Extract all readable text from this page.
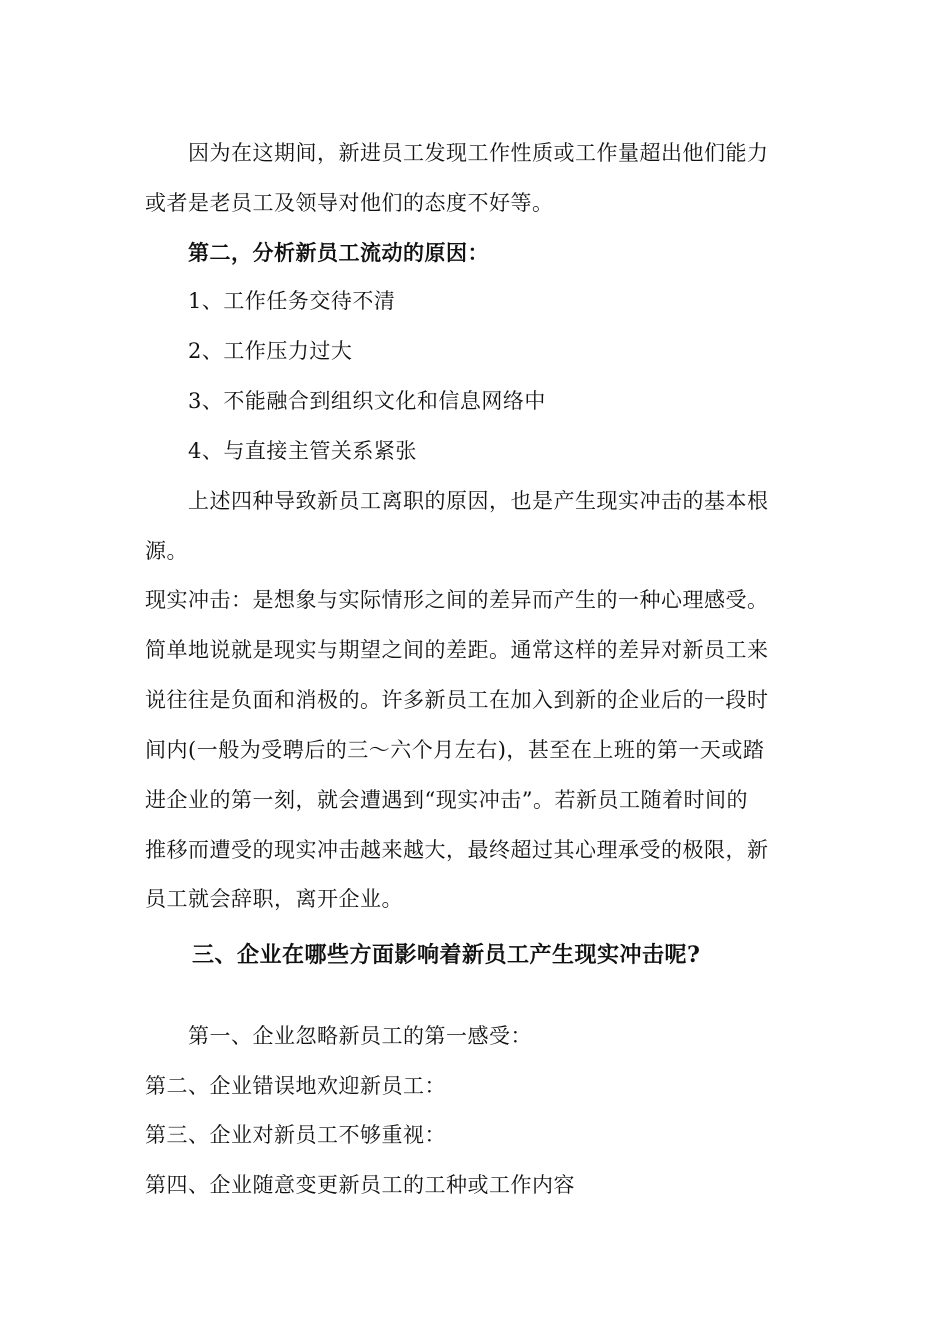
因为在这期间，新进员工发现工作性质或工作量超出他们能力
或者是老员工及领导对他们的态度不好等。
第二，分析新员工流动的原因：
1、工作任务交待不清
2、工作压力过大
3、不能融合到组织文化和信息网络中
4、与直接主管关系紧张
上述四种导致新员工离职的原因，也是产生现实冲击的基本根
源。
现实冲击：是想象与实际情形之间的差异而产生的一种心理感受。
简单地说就是现实与期望之间的差距。通常这样的差异对新员工来
说往往是负面和消极的。许多新员工在加入到新的企业后的一段时
间内(一般为受聘后的三～六个月左右)，甚至在上班的第一天或踏
进企业的第一刻，就会遭遇到“现实冲击”。若新员工随着时间的
推移而遭受的现实冲击越来越大，最终超过其心理承受的极限，新
员工就会辞职，离开企业。
三、企业在哪些方面影响着新员工产生现实冲击呢?
第一、企业忽略新员工的第一感受：
第二、企业错误地欢迎新员工：
第三、企业对新员工不够重视：
第四、企业随意变更新员工的工种或工作内容
